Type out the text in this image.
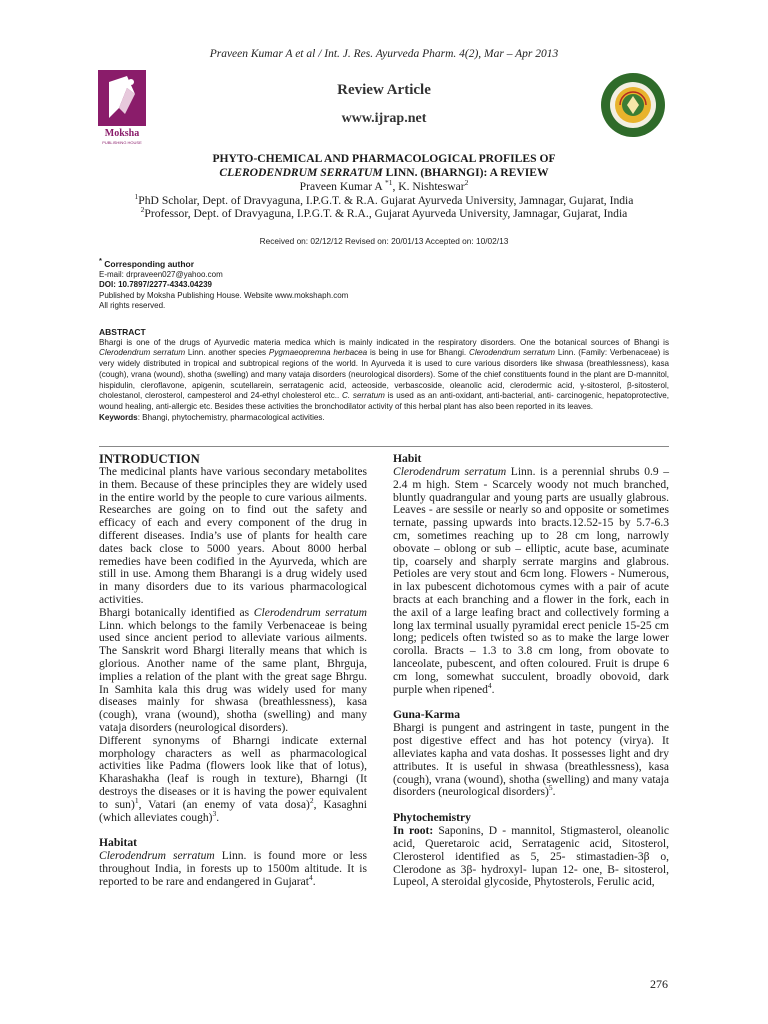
Praveen Kumar A et al / Int. J. Res. Ayurveda Pharm. 4(2), Mar – Apr 2013
Moksha
PUBLISHING HOUSE
Review Article
www.ijrap.net
PHYTO-CHEMICAL AND PHARMACOLOGICAL PROFILES OF
CLERODENDRUM SERRATUM LINN. (BHARNGI): A REVIEW
Praveen Kumar A $^{*1}$, K. Nishteswar$^2$
$^1$PhD Scholar, Dept. of Dravyaguna, I.P.G.T. & R.A. Gujarat Ayurveda University, Jamnagar, Gujarat, India
$^2$Professor, Dept. of Dravyaguna, I.P.G.T. & R.A., Gujarat Ayurveda University, Jamnagar, Gujarat, India
Received on: 02/12/12 Revised on: 20/01/13 Accepted on: 10/02/13
* Corresponding author
E-mail: drpraveen027@yahoo.com
DOI: 10.7897/2277-4343.04239
Published by Moksha Publishing House. Website www.mokshaph.com
All rights reserved.
ABSTRACT
Bhargi is one of the drugs of Ayurvedic materia medica which is mainly indicated in the respiratory disorders. One the botanical sources of Bhangi is Clerodendrum serratum Linn. another species Pygmaeopremna herbacea is being in use for Bhangi. Clerodendrum serratum Linn. (Family: Verbenaceae) is very widely distributed in tropical and subtropical regions of the world. In Ayurveda it is used to cure various disorders like shwasa (breathlessness), kasa (cough), vrana (wound), shotha (swelling) and many vataja disorders (neurological disorders). Some of the chief constituents found in the plant are D-mannitol, hispidulin, cleroflavone, apigenin, scutellarein, serratagenic acid, acteoside, verbascoside, oleanolic acid, clerodermic acid, γ-sitosterol, β-sitosterol, cholestanol, clerosterol, campesterol and 24-ethyl cholesterol etc.. C. serratum is used as an anti-oxidant, anti-bacterial, anti- carcinogenic, hepatoprotective, wound healing, anti-allergic etc. Besides these activities the bronchodilator activity of this herbal plant has also been reported in its leaves.
Keywords: Bhangi, phytochemistry, pharmacological activities.
INTRODUCTION

The medicinal plants have various secondary metabolites in them. Because of these principles they are widely used in the entire world by the people to cure various ailments. Researches are going on to find out the safety and efficacy of each and every component of the drug in different diseases. India’s use of plants for health care dates back close to 5000 years. About 8000 herbal remedies have been codified in the Ayurveda, which are still in use. Among them Bharangi is a drug widely used in many disorders due to its various pharmacological activities.

Bhargi botanically identified as Clerodendrum serratum Linn. which belongs to the family Verbenaceae is being used since ancient period to alleviate various ailments. The Sanskrit word Bhargi literally means that which is glorious. Another name of the same plant, Bhrguja, implies a relation of the plant with the great sage Bhrgu. In Samhita kala this drug was widely used for many diseases mainly for shwasa (breathlessness), kasa (cough), vrana (wound), shotha (swelling) and many vataja disorders (neurological disorders).

Different synonyms of Bharngi indicate external morphology characters as well as pharmacological activities like Padma (flowers look like that of lotus), Kharashakha (leaf is rough in texture), Bharngi (It destroys the diseases or it is having the power equivalent to sun)$^1$, Vatari (an enemy of vata dosa)$^2$, Kasaghni (which alleviates cough)$^3$.

Habitat

Clerodendrum serratum Linn. is found more or less throughout India, in forests up to 1500m altitude. It is reported to be rare and endangered in Gujarat$^4$.

Habit

Clerodendrum serratum Linn. is a perennial shrubs 0.9 – 2.4 m high. Stem - Scarcely woody not much branched, bluntly quadrangular and young parts are usually glabrous. Leaves - are sessile or nearly so and opposite or sometimes ternate, passing upwards into bracts.12.52-15 by 5.7-6.3 cm, sometimes reaching up to 28 cm long, narrowly obovate – oblong or sub – elliptic, acute base, acuminate tip, coarsely and sharply serrate margins and glabrous. Petioles are very stout and 6cm long. Flowers - Numerous, in lax pubescent dichotomous cymes with a pair of acute bracts at each branching and a flower in the fork, each in the axil of a large leafing bract and collectively forming a long lax terminal usually pyramidal erect penicle 15-25 cm long; pedicels often twisted so as to make the large lower corolla. Bracts – 1.3 to 3.8 cm long, from obovate to lanceolate, pubescent, and often coloured. Fruit is drupe 6 cm long, somewhat succulent, broadly obovoid, dark purple when ripened$^4$.

Guna-Karma

Bhargi is pungent and astringent in taste, pungent in the post digestive effect and has hot potency (virya). It alleviates kapha and vata doshas. It possesses light and dry attributes. It is useful in shwasa (breathlessness), kasa (cough), vrana (wound), shotha (swelling) and many vataja disorders (neurological disorders)$^5$.

Phytochemistry

In root: Saponins, D - mannitol, Stigmasterol, oleanolic acid, Queretaroic acid, Serratagenic acid, Sitosterol, Clerosterol identified as 5, 25- stimastadien-3β o, Clerodone as 3β- hydroxyl- lupan 12- one, B- sitosterol, Lupeol, A steroidal glycoside, Phytosterols, Ferulic acid,

276
